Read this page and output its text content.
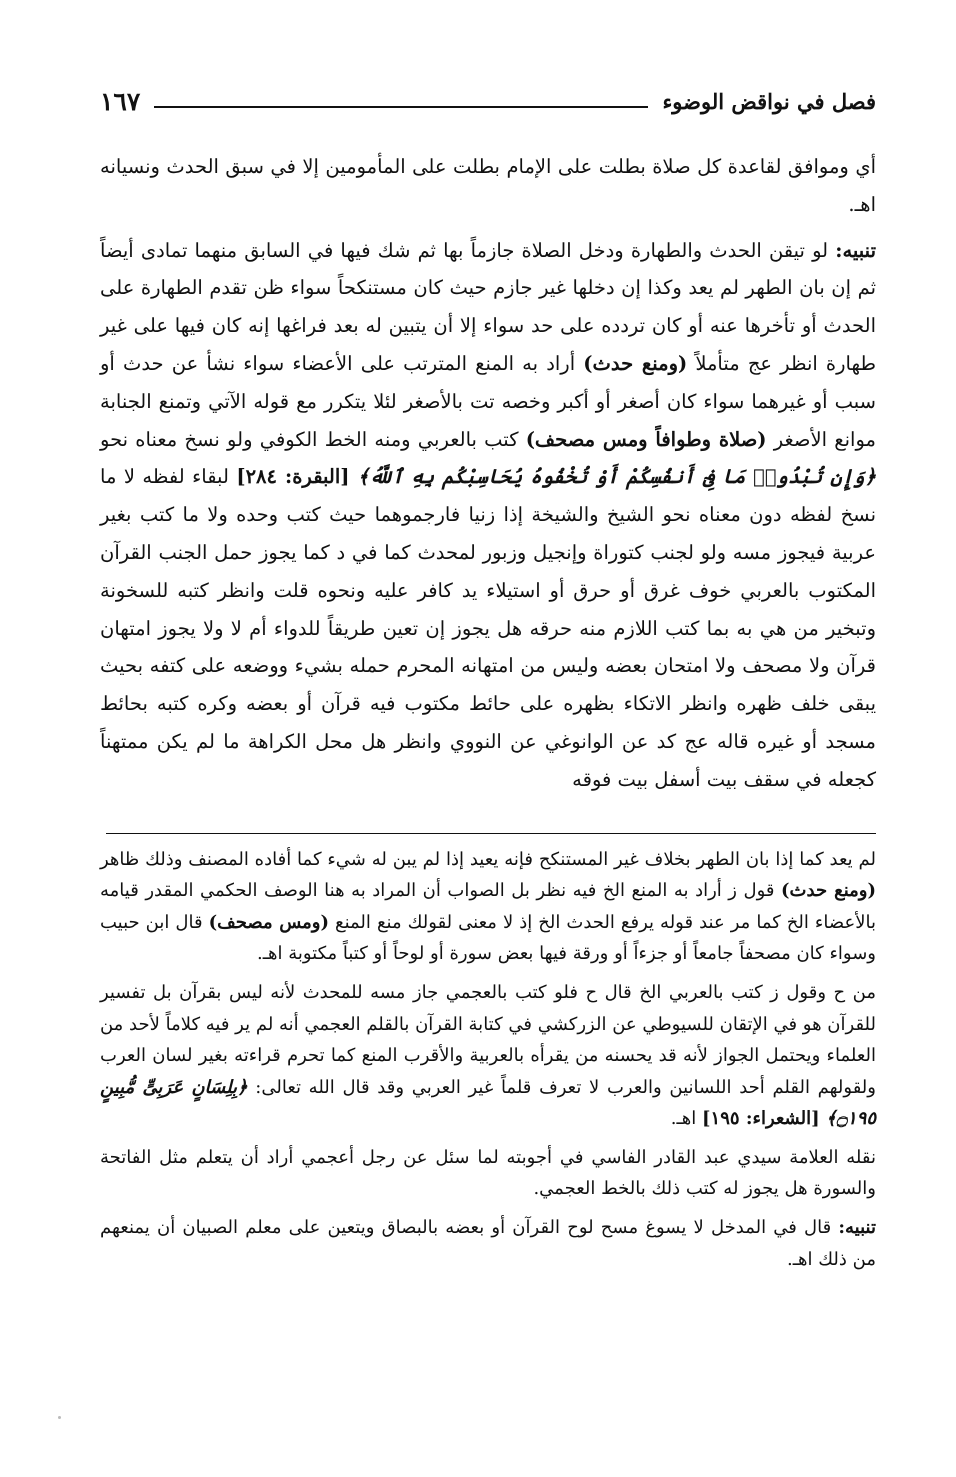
فصل في نواقض الوضوء
١٦٧

أي وموافق لقاعدة كل صلاة بطلت على الإمام بطلت على المأمومين إلا في سبق الحدث ونسيانه اهـ.

تنبيه: لو تيقن الحدث والطهارة ودخل الصلاة جازماً بها ثم شك فيها في السابق منهما تمادى أيضاً ثم إن بان الطهر لم يعد وكذا إن دخلها غير جازم حيث كان مستنكحاً سواء ظن تقدم الطهارة على الحدث أو تأخرها عنه أو كان تردده على حد سواء إلا أن يتبين له بعد فراغها إنه كان فيها على غير طهارة انظر عج متأملاً (ومنع حدث) أراد به المنع المترتب على الأعضاء سواء نشأ عن حدث أو سبب أو غيرهما سواء كان أصغر أو أكبر وخصه تت بالأصغر لئلا يتكرر مع قوله الآتي وتمنع الجنابة موانع الأصغر (صلاة وطوافاً ومس مصحف) كتب بالعربي ومنه الخط الكوفي ولو نسخ معناه نحو ﴿وَإِن تُبْدُوا۟ مَا فِىٓ أَنفُسِكُمْ أَوْ تُخْفُوهُ يُحَاسِبْكُم بِهِ ٱللَّهُ﴾ [البقرة: ٢٨٤] لبقاء لفظه لا ما نسخ لفظه دون معناه نحو الشيخ والشيخة إذا زنيا فارجموهما حيث كتب وحده ولا ما كتب بغير عربية فيجوز مسه ولو لجنب كتوراة وإنجيل وزبور لمحدث كما في د كما يجوز حمل الجنب القرآن المكتوب بالعربي خوف غرق أو حرق أو استيلاء يد كافر عليه ونحوه قلت وانظر كتبه للسخونة وتبخير من هي به بما كتب اللازم منه حرقه هل يجوز إن تعين طريقاً للدواء أم لا ولا يجوز امتهان قرآن ولا مصحف ولا امتحان بعضه وليس من امتهانه المحرم حمله بشيء ووضعه على كتفه بحيث يبقى خلف ظهره وانظر الاتكاء بظهره على حائط مكتوب فيه قرآن أو بعضه وكره كتبه بحائط مسجد أو غيره قاله عج كد عن الوانوغي عن النووي وانظر هل محل الكراهة ما لم يكن ممتهناً كجعله في سقف بيت أسفل بيت فوقه

لم يعد كما إذا بان الطهر بخلاف غير المستنكح فإنه يعيد إذا لم يبن له شيء كما أفاده المصنف وذلك ظاهر (ومنع حدث) قول ز أراد به المنع الخ فيه نظر بل الصواب أن المراد به هنا الوصف الحكمي المقدر قيامه بالأعضاء الخ كما مر عند قوله يرفع الحدث الخ إذ لا معنى لقولك منع المنع (ومس مصحف) قال ابن حبيب وسواء كان مصحفاً جامعاً أو جزءاً أو ورقة فيها بعض سورة أو لوحاً أو كتباً مكتوبة اهـ.

من ح وقول ز كتب بالعربي الخ قال ح فلو كتب بالعجمي جاز مسه للمحدث لأنه ليس بقرآن بل تفسير للقرآن هو في الإتقان للسيوطي عن الزركشي في كتابة القرآن بالقلم العجمي أنه لم ير فيه كلاماً لأحد من العلماء ويحتمل الجواز لأنه قد يحسنه من يقرأه بالعربية والأقرب المنع كما تحرم قراءته بغير لسان العرب ولقولهم القلم أحد اللسانين والعرب لا تعرف قلماً غير العربي وقد قال الله تعالى: ﴿بِلِسَانٍ عَرَبِىٍّ مُّبِينٍ ۝١٩٥﴾ [الشعراء: ١٩٥] اهـ.

نقله العلامة سيدي عبد القادر الفاسي في أجوبته لما سئل عن رجل أعجمي أراد أن يتعلم مثل الفاتحة والسورة هل يجوز له كتب ذلك بالخط العجمي.

تنبيه: قال في المدخل لا يسوغ مسح لوح القرآن أو بعضه بالبصاق ويتعين على معلم الصبيان أن يمنعهم من ذلك اهـ.
